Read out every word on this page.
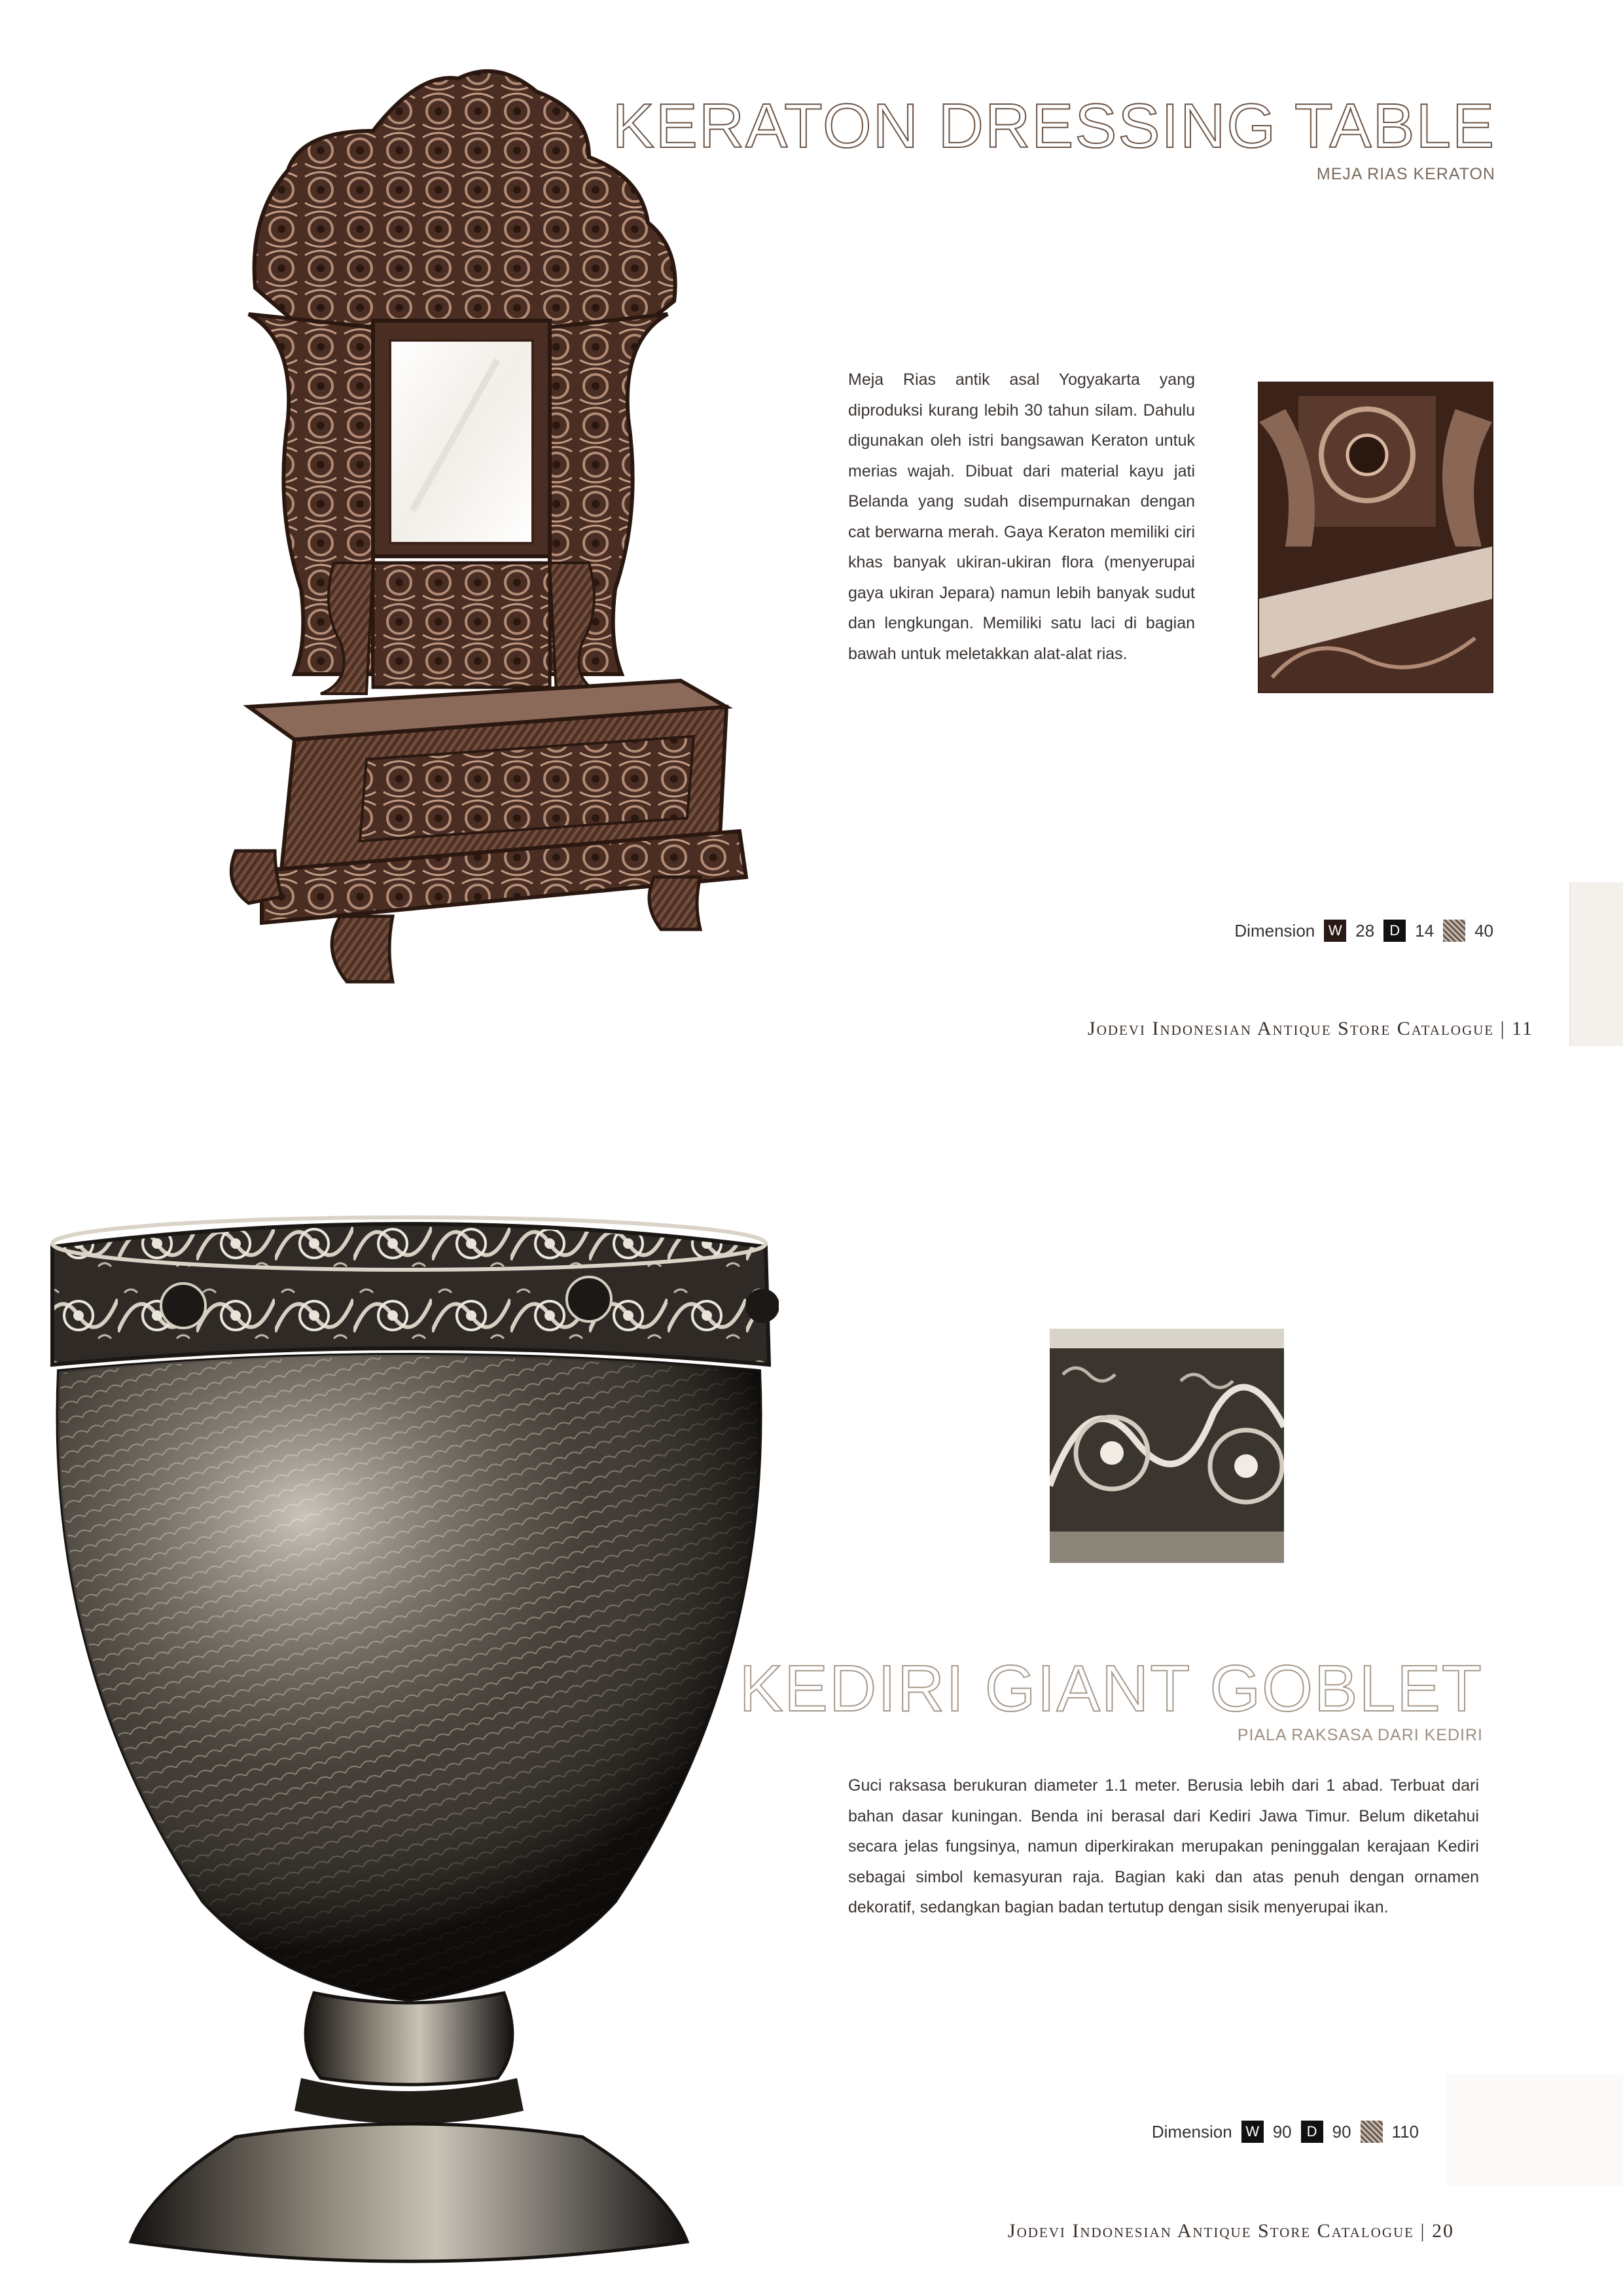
KERATON DRESSING TABLE
MEJA RIAS KERATON
Meja Rias antik asal Yogyakarta yang diproduksi kurang lebih 30 tahun silam. Dahulu digunakan oleh istri bangsawan Keraton untuk merias wajah. Dibuat dari material kayu jati Belanda yang sudah disempurnakan dengan cat berwarna merah. Gaya Keraton memiliki ciri khas banyak ukiran-ukiran flora (menyerupai gaya ukiran Jepara) namun lebih banyak sudut dan lengkungan. Memiliki satu laci di bagian bawah untuk meletakkan alat-alat rias.
Dimension W 28	D 14 40
Jodevi Indonesian Antique Store Catalogue | 11
KEDIRI GIANT GOBLET
PIALA RAKSASA DARI KEDIRI
Guci raksasa berukuran diameter 1.1 meter. Berusia lebih dari 1 abad. Terbuat dari bahan dasar kuningan. Benda ini berasal dari Kediri Jawa Timur. Belum diketahui secara jelas fungsinya, namun diperkirakan merupakan peninggalan kerajaan Kediri sebagai simbol kemasyuran raja. Bagian kaki dan atas penuh dengan ornamen dekoratif, sedangkan bagian badan tertutup dengan sisik menyerupai ikan.
Dimension W 90	D 90 110
Jodevi Indonesian Antique Store Catalogue | 20
